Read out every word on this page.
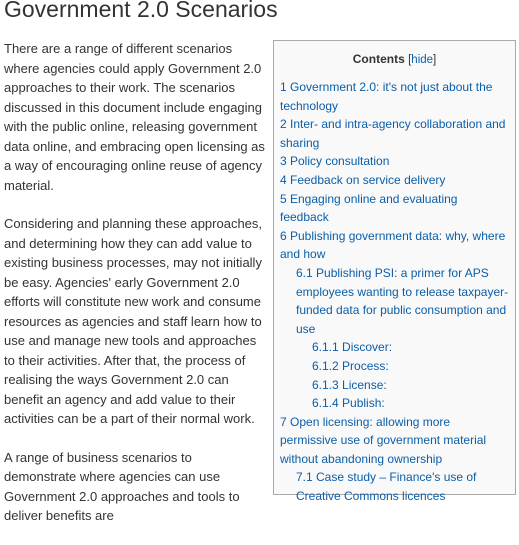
Government 2.0 Scenarios

There are a range of different scenarios where agencies could apply Government 2.0 approaches to their work. The scenarios discussed in this document include engaging with the public online, releasing government data online, and embracing open licensing as a way of encouraging online reuse of agency material.

Considering and planning these approaches, and determining how they can add value to existing business processes, may not initially be easy. Agencies' early Government 2.0 efforts will constitute new work and consume resources as agencies and staff learn how to use and manage new tools and approaches to their activities. After that, the process of realising the ways Government 2.0 can benefit an agency and add value to their activities can be a part of their normal work.

A range of business scenarios to demonstrate where agencies can use Government 2.0 approaches and tools to deliver benefits are

Contents [hide]
1 Government 2.0: it's not just about the technology
2 Inter- and intra-agency collaboration and sharing
3 Policy consultation
4 Feedback on service delivery
5 Engaging online and evaluating feedback
6 Publishing government data: why, where and how
6.1 Publishing PSI: a primer for APS employees wanting to release taxpayer-funded data for public consumption and use
6.1.1 Discover:
6.1.2 Process:
6.1.3 License:
6.1.4 Publish:
7 Open licensing: allowing more permissive use of government material without abandoning ownership
7.1 Case study – Finance's use of Creative Commons licences
